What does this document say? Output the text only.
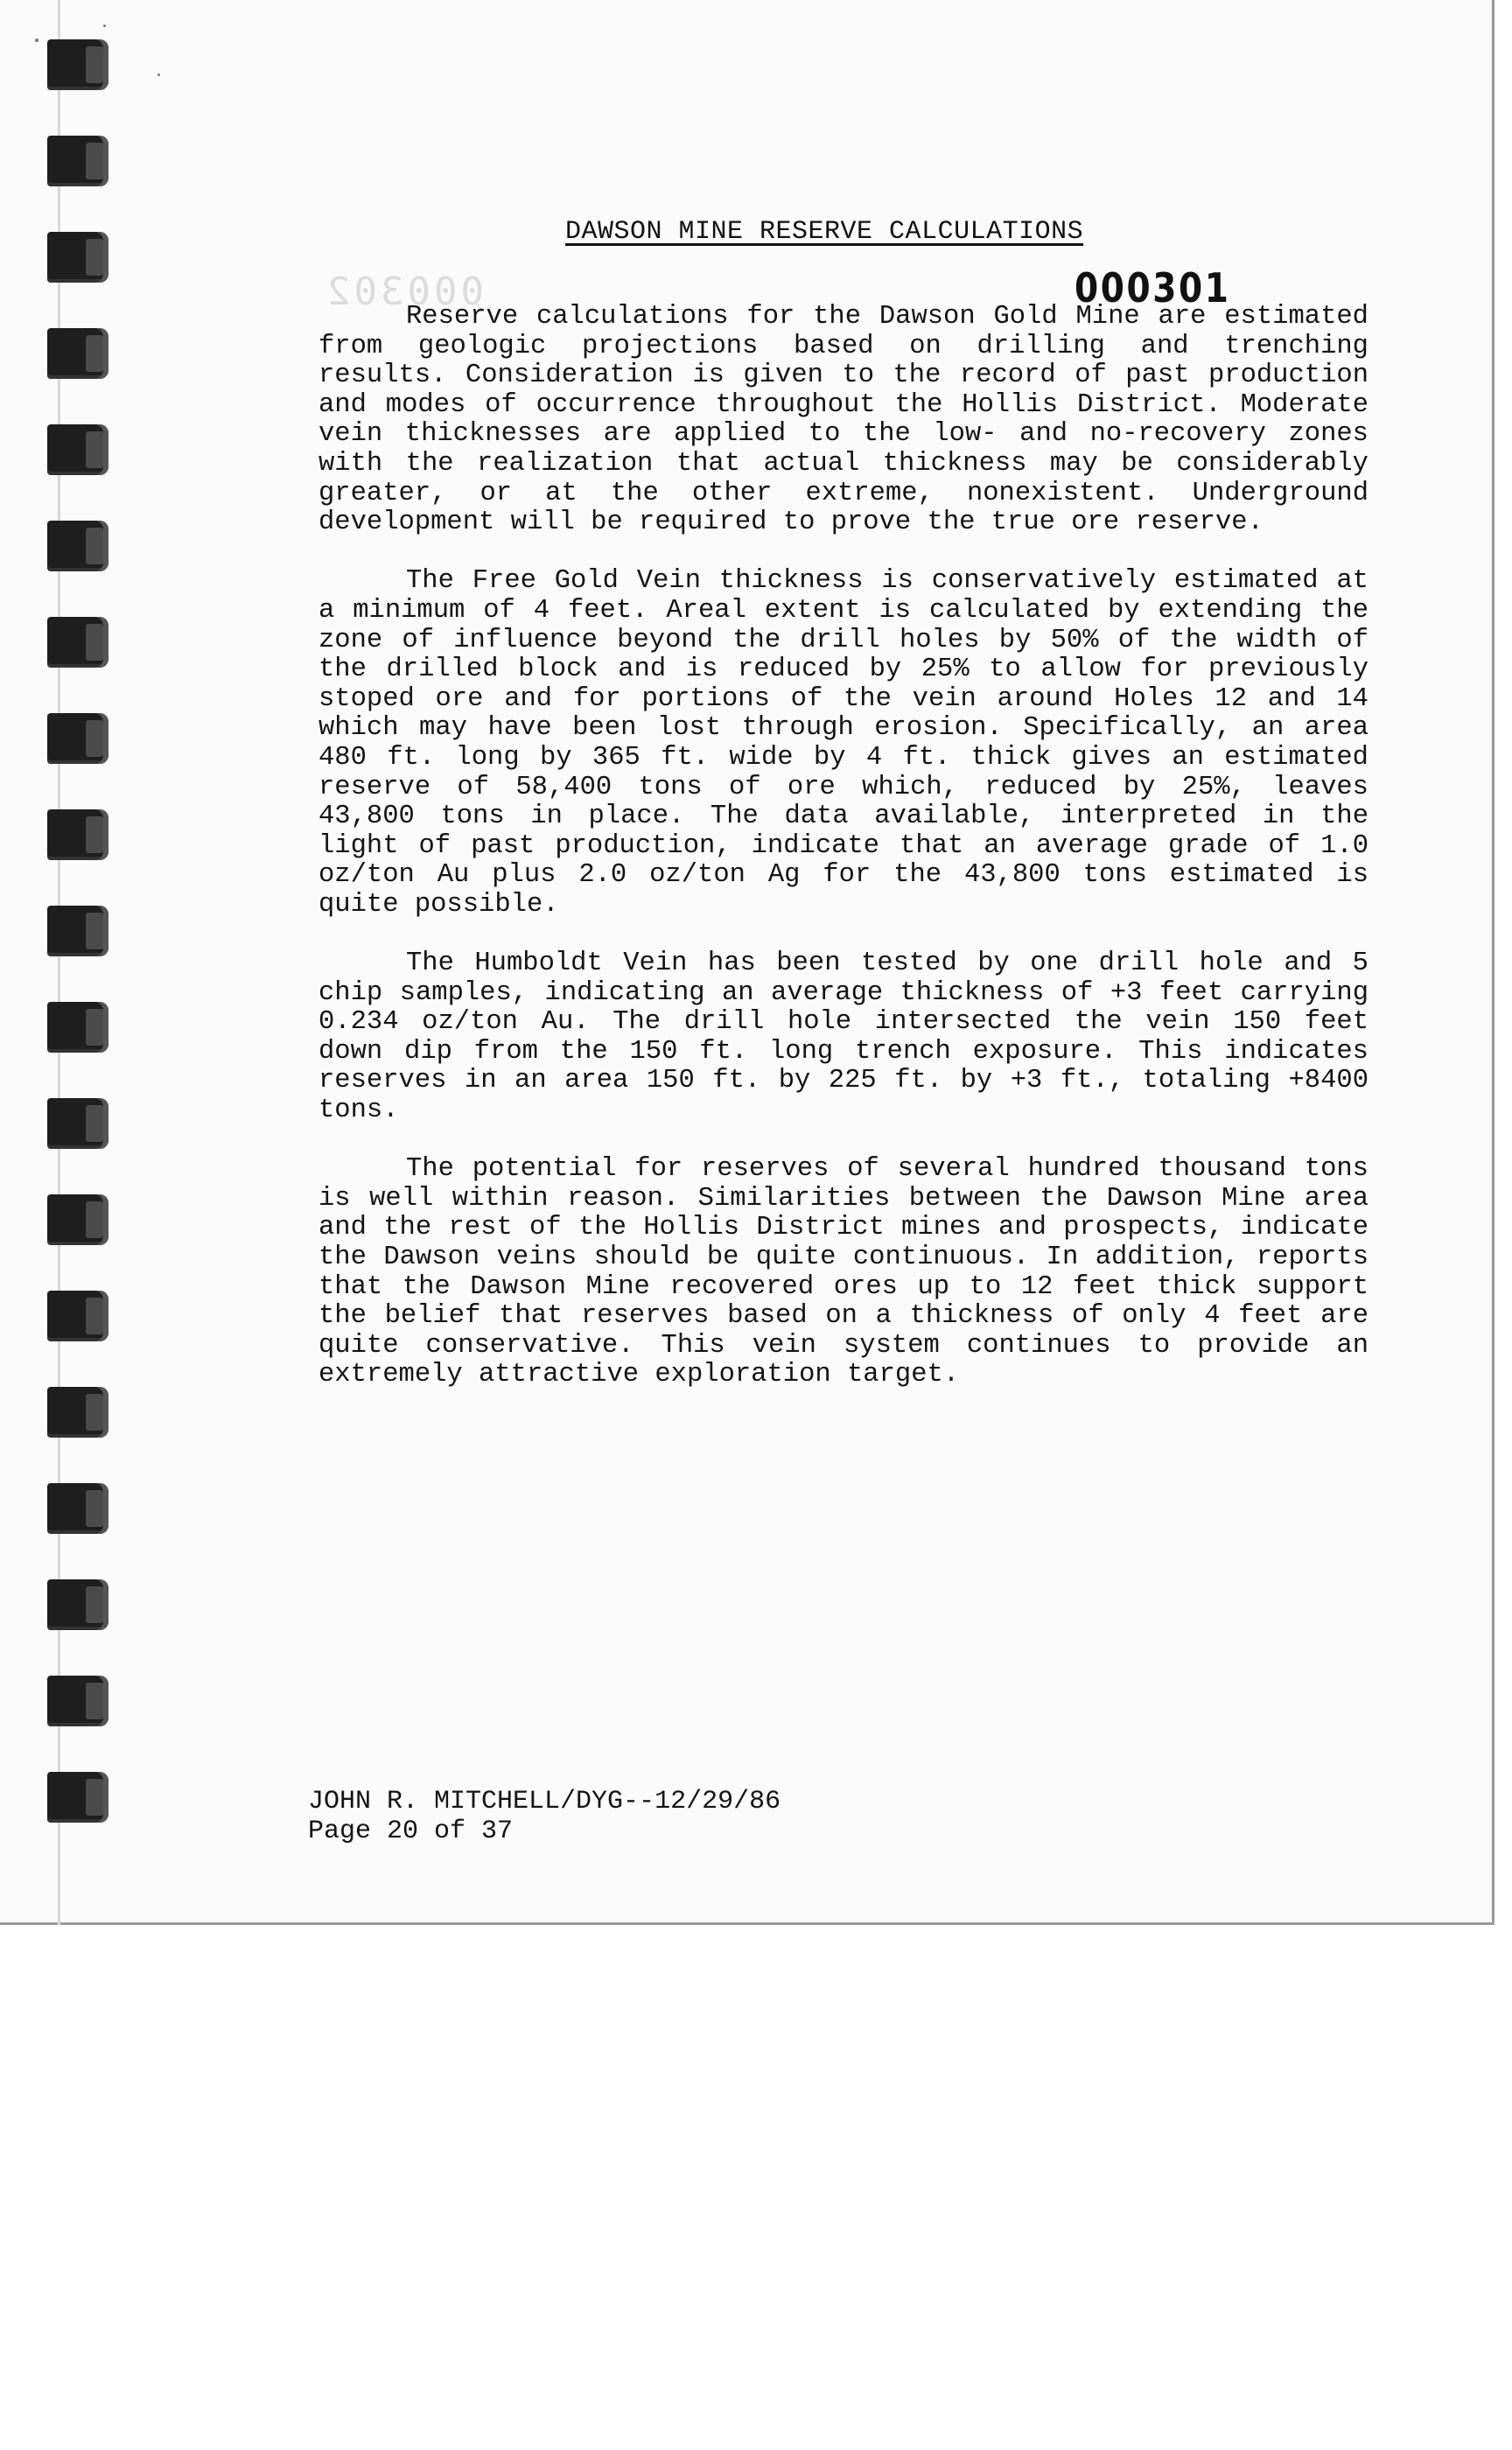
000302	000301
DAWSON MINE RESERVE CALCULATIONS

Reserve calculations for the Dawson Gold Mine are estimated from geologic projections based on drilling and trenching results. Consideration is given to the record of past production and modes of occurrence throughout the Hollis District. Moderate vein thicknesses are applied to the low- and no-recovery zones with the realization that actual thickness may be considerably greater, or at the other extreme, nonexistent. Underground development will be required to prove the true ore reserve.

The Free Gold Vein thickness is conservatively estimated at a minimum of 4 feet. Areal extent is calculated by extending the zone of influence beyond the drill holes by 50% of the width of the drilled block and is reduced by 25% to allow for previously stoped ore and for portions of the vein around Holes 12 and 14 which may have been lost through erosion. Specifically, an area 480 ft. long by 365 ft. wide by 4 ft. thick gives an estimated reserve of 58,400 tons of ore which, reduced by 25%, leaves 43,800 tons in place. The data available, interpreted in the light of past production, indicate that an average grade of 1.0 oz/ton Au plus 2.0 oz/ton Ag for the 43,800 tons estimated is quite possible.

The Humboldt Vein has been tested by one drill hole and 5 chip samples, indicating an average thickness of +3 feet carrying 0.234 oz/ton Au. The drill hole intersected the vein 150 feet down dip from the 150 ft. long trench exposure. This indicates reserves in an area 150 ft. by 225 ft. by +3 ft., totaling +8400 tons.

The potential for reserves of several hundred thousand tons is well within reason. Similarities between the Dawson Mine area and the rest of the Hollis District mines and prospects, indicate the Dawson veins should be quite continuous. In addition, reports that the Dawson Mine recovered ores up to 12 feet thick support the belief that reserves based on a thickness of only 4 feet are quite conservative. This vein system continues to provide an extremely attractive exploration target.

JOHN R. MITCHELL/DYG--12/29/86
Page 20 of 37
